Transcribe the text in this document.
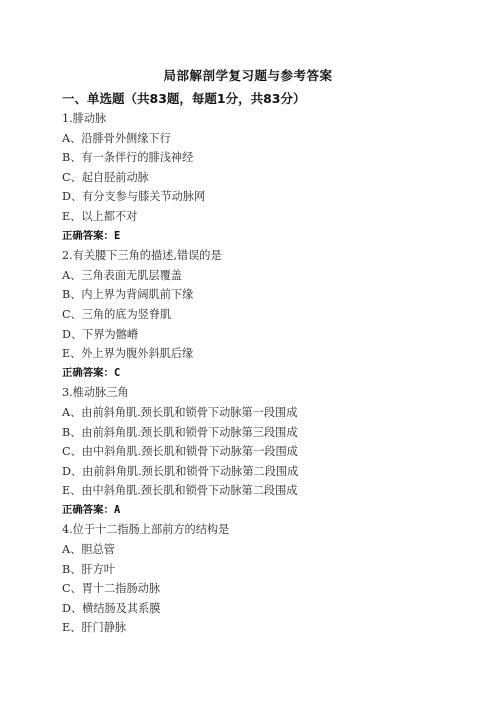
局部解剖学复习题与参考答案
一、单选题（共83题，每题1分，共83分）
1.腓动脉
A、沿腓骨外侧缘下行
B、有一条伴行的腓浅神经
C、起自胫前动脉
D、有分支参与膝关节动脉网
E、以上都不对
正确答案：E
2.有关腰下三角的描述,错误的是
A、三角表面无肌层覆盖
B、内上界为背阔肌前下缘
C、三角的底为竖脊肌
D、下界为髂嵴
E、外上界为腹外斜肌后缘
正确答案：C
3.椎动脉三角
A、由前斜角肌.颈长肌和锁骨下动脉第一段围成
B、由前斜角肌.颈长肌和锁骨下动脉第三段围成
C、由中斜角肌.颈长肌和锁骨下动脉第一段围成
D、由前斜角肌.颈长肌和锁骨下动脉第二段围成
E、由中斜角肌.颈长肌和锁骨下动脉第二段围成
正确答案：A
4.位于十二指肠上部前方的结构是
A、胆总管
B、肝方叶
C、胃十二指肠动脉
D、横结肠及其系膜
E、肝门静脉
